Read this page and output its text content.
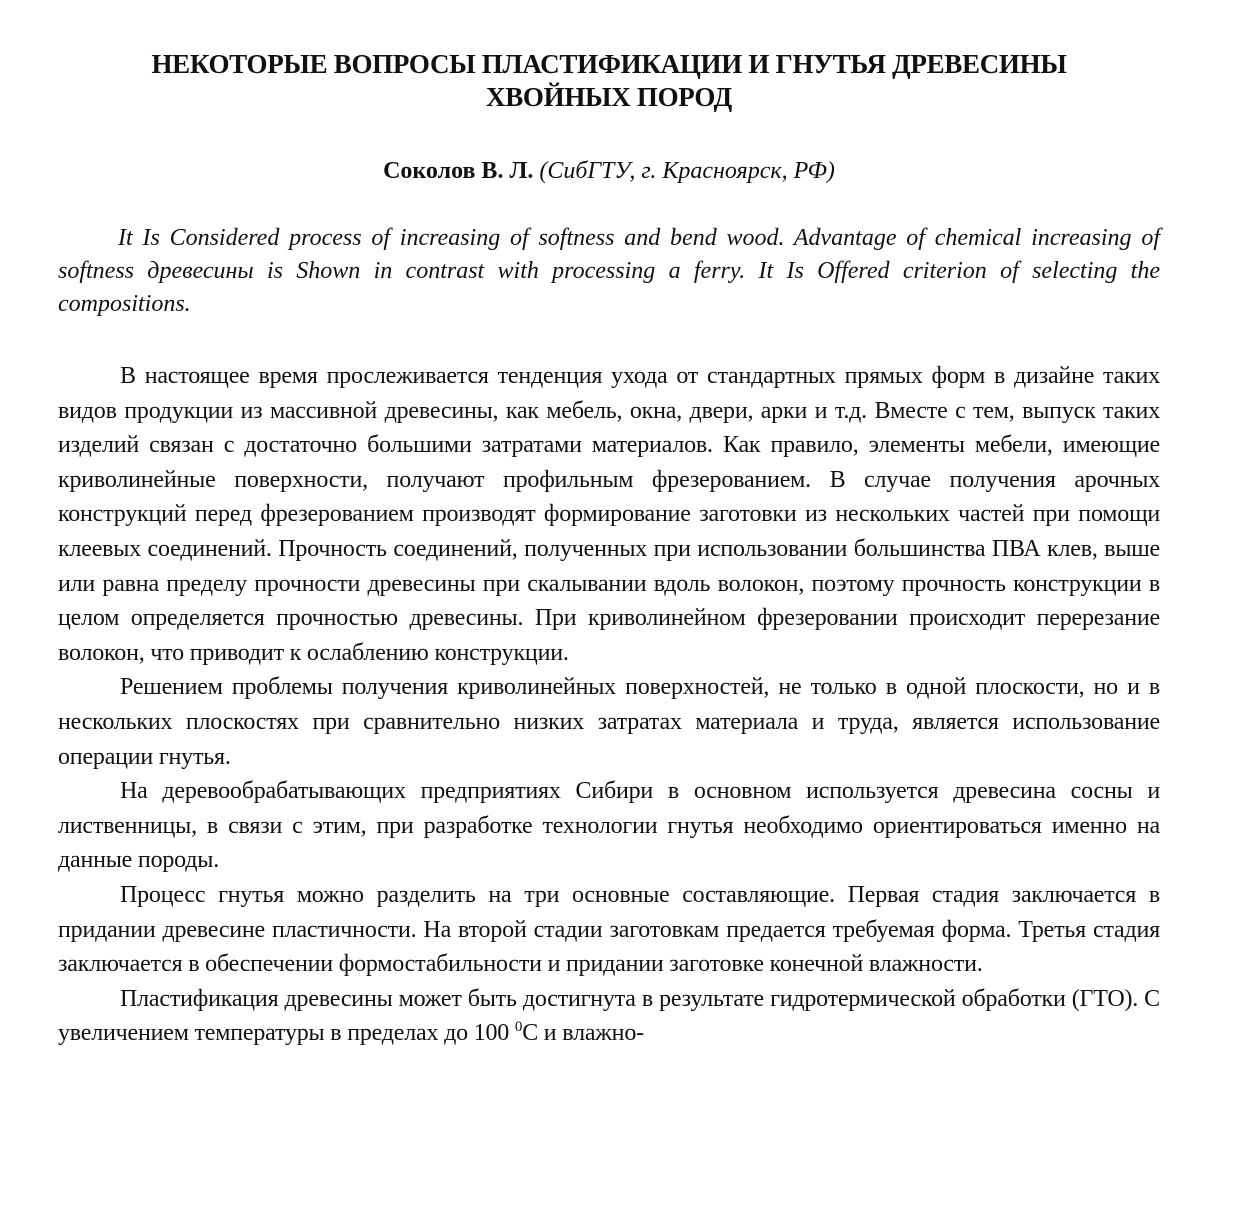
НЕКОТОРЫЕ ВОПРОСЫ ПЛАСТИФИКАЦИИ И ГНУТЬЯ ДРЕВЕСИНЫ
ХВОЙНЫХ ПОРОД
Соколов В. Л. (СибГТУ, г. Красноярск, РФ)
It Is Considered process of increasing of softness and bend wood. Advantage of chemical increasing of softness древесины is Shown in contrast with processing a ferry. It Is Offered criterion of selecting the compositions.

В настоящее время прослеживается тенденция ухода от стандартных прямых форм в дизайне таких видов продукции из массивной древесины, как мебель, окна, двери, арки и т.д. Вместе с тем, выпуск таких изделий связан с достаточно большими затратами материалов. Как правило, элементы мебели, имеющие криволинейные поверхности, получают профильным фрезерованием. В случае получения арочных конструкций перед фрезерованием производят формирование заготовки из нескольких частей при помощи клеевых соединений. Прочность соединений, полученных при использовании большинства ПВА клев, выше или равна пределу прочности древесины при скалывании вдоль волокон, поэтому прочность конструкции в целом определяется прочностью древесины. При криволинейном фрезеровании происходит перерезание волокон, что приводит к ослаблению конструкции.

Решением проблемы получения криволинейных поверхностей, не только в одной плоскости, но и в нескольких плоскостях при сравнительно низких затратах материала и труда, является использование операции гнутья.

На деревообрабатывающих предприятиях Сибири в основном используется древесина сосны и лиственницы, в связи с этим, при разработке технологии гнутья необходимо ориентироваться именно на данные породы.

Процесс гнутья можно разделить на три основные составляющие. Первая стадия заключается в придании древесине пластичности. На второй стадии заготовкам предается требуемая форма. Третья стадия заключается в обеспечении формостабильности и придании заготовке конечной влажности.

Пластификация древесины может быть достигнута в результате гидротермической обработки (ГТО). С увеличением температуры в пределах до 100 $^0$С и влажно-
